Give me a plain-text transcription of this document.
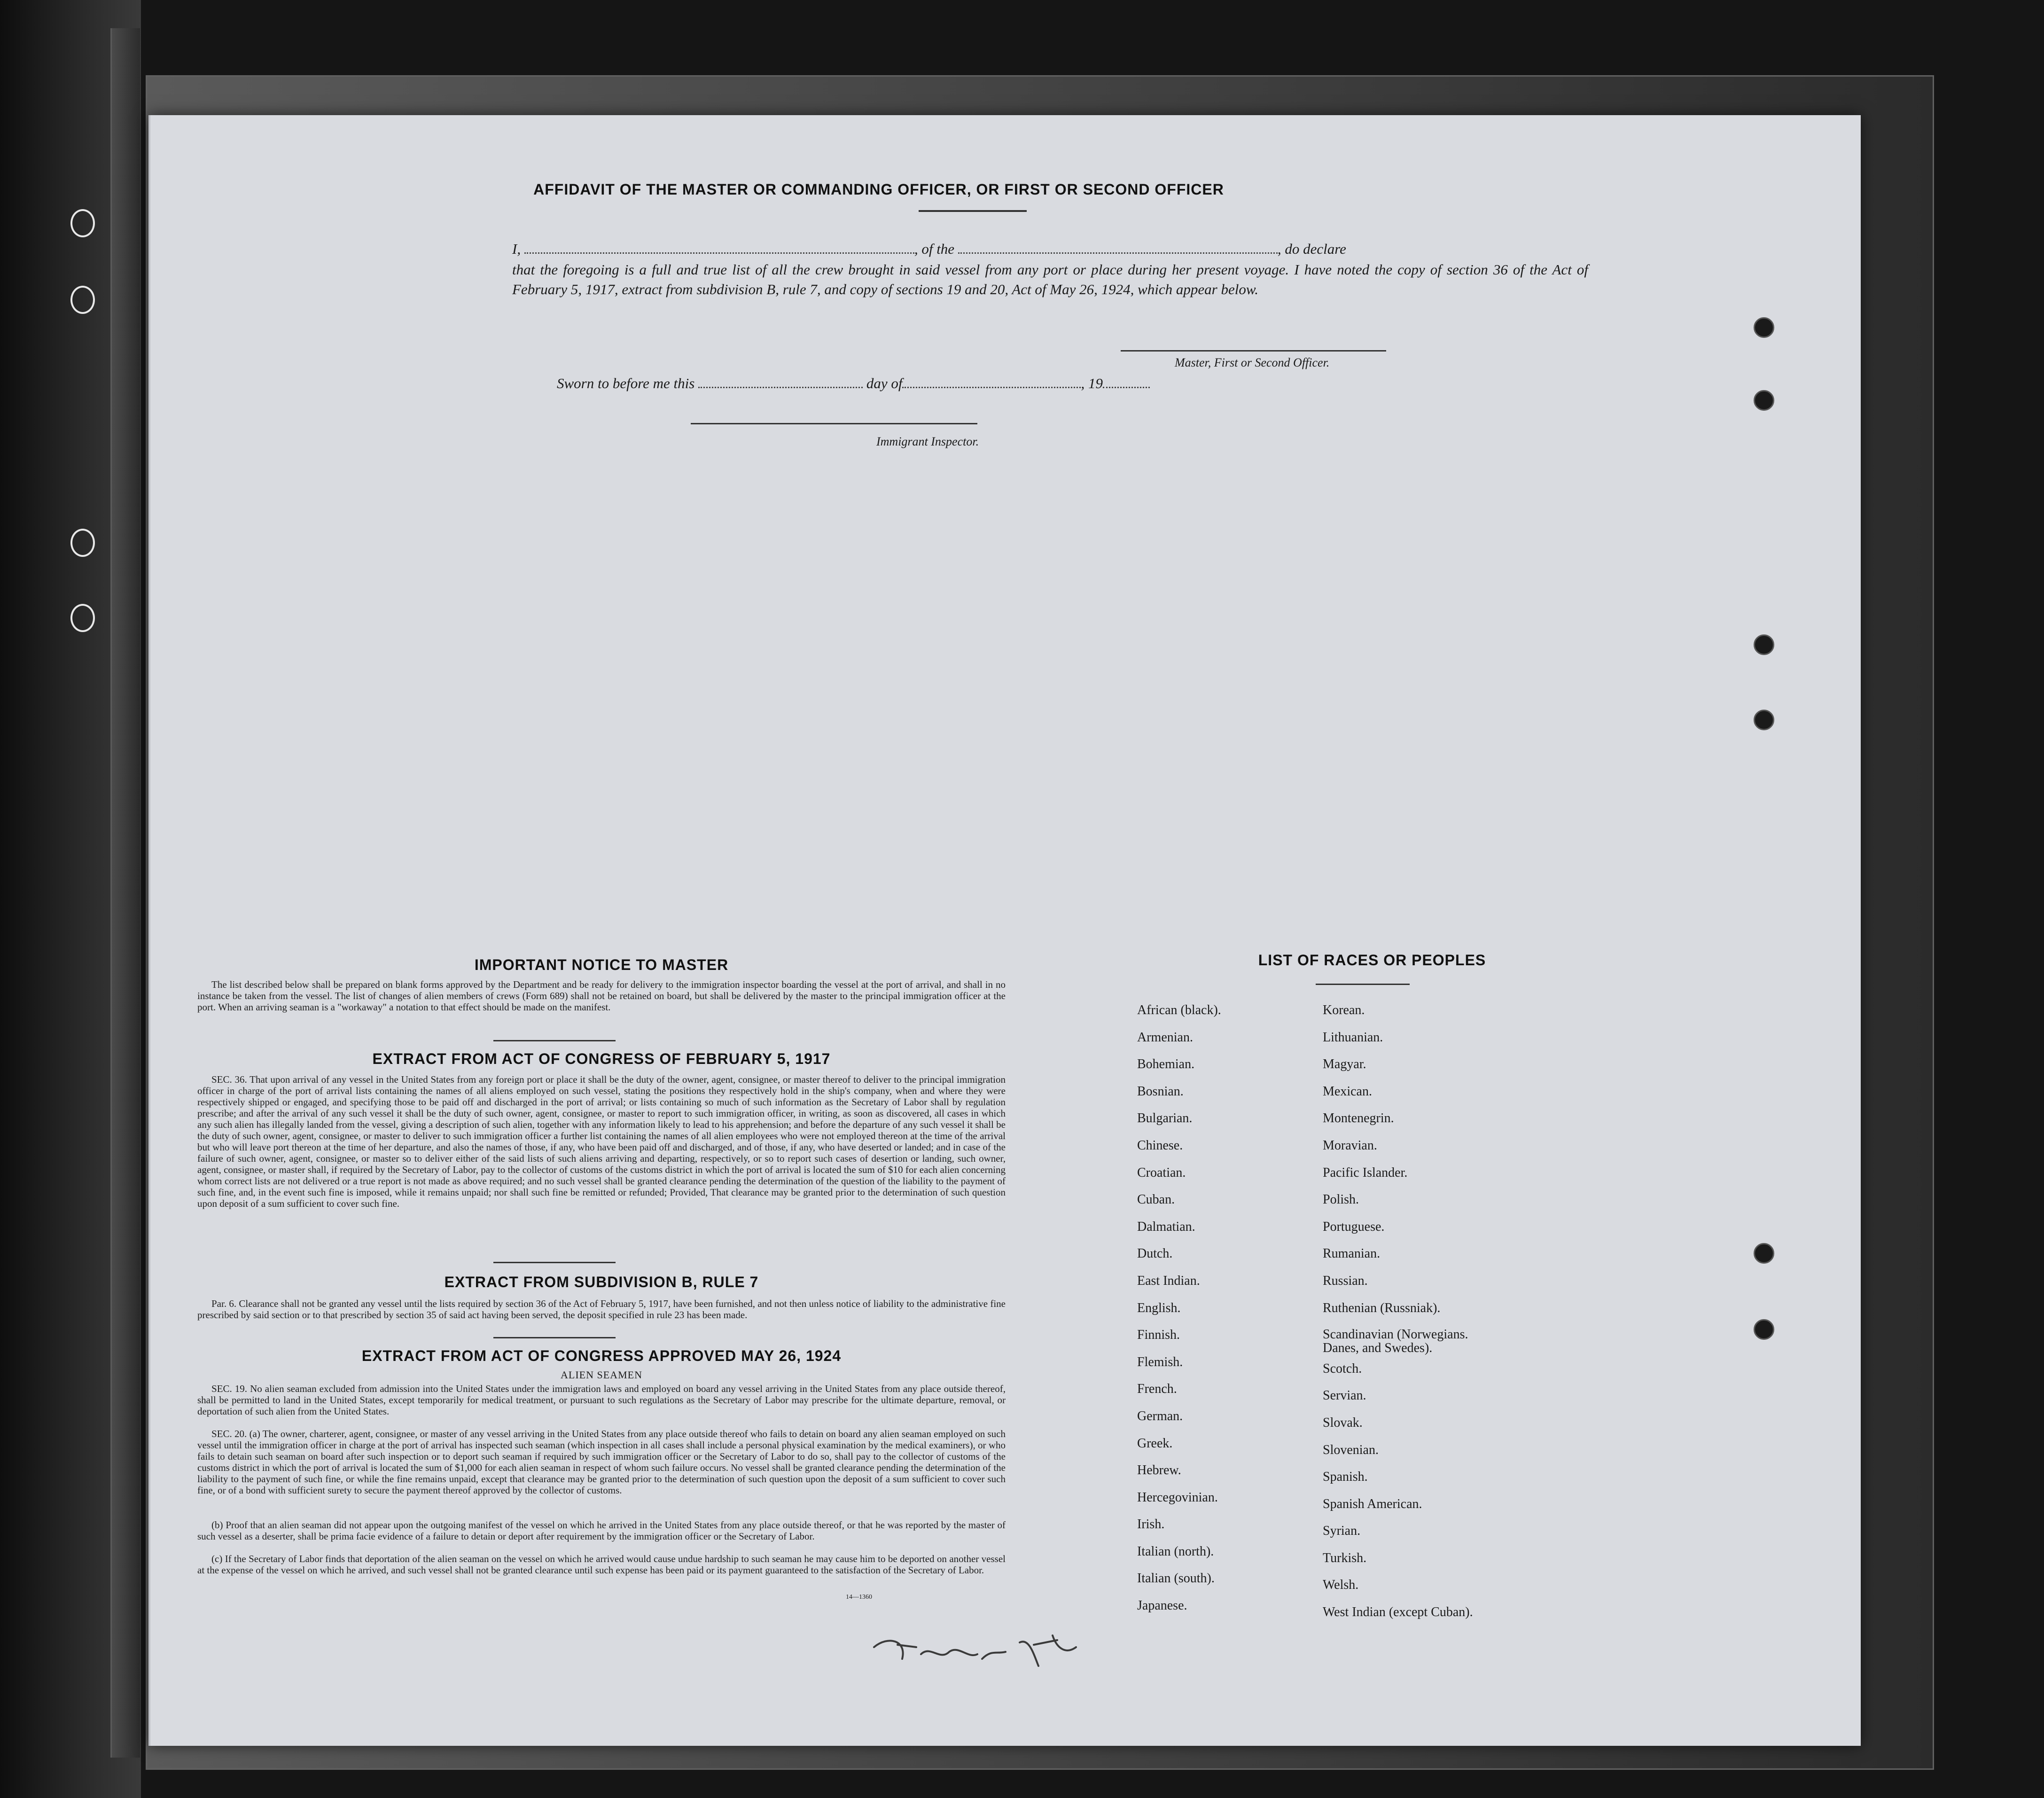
AFFIDAVIT OF THE MASTER OR COMMANDING OFFICER, OR FIRST OR SECOND OFFICER
I,	, of the	, do declare
that the foregoing is a full and true list of all the crew brought in said vessel from any port or place during her present voyage. I have noted the copy of section 36 of the Act of February 5, 1917, extract from subdivision B, rule 7, and copy of sections 19 and 20, Act of May 26, 1924, which appear below.
Master, First or Second Officer.
Sworn to before me this	day of	, 19
Immigrant Inspector.
IMPORTANT NOTICE TO MASTER
The list described below shall be prepared on blank forms approved by the Department and be ready for delivery to the immigration inspector boarding the vessel at the port of arrival, and shall in no instance be taken from the vessel. The list of changes of alien members of crews (Form 689) shall not be retained on board, but shall be delivered by the master to the principal immigration officer at the port. When an arriving seaman is a "workaway" a notation to that effect should be made on the manifest.
EXTRACT FROM ACT OF CONGRESS OF FEBRUARY 5, 1917
SEC. 36. That upon arrival of any vessel in the United States from any foreign port or place it shall be the duty of the owner, agent, consignee, or master thereof to deliver to the principal immigration officer in charge of the port of arrival lists containing the names of all aliens employed on such vessel, stating the positions they respectively hold in the ship's company, when and where they were respectively shipped or engaged, and specifying those to be paid off and discharged in the port of arrival; or lists containing so much of such information as the Secretary of Labor shall by regulation prescribe; and after the arrival of any such vessel it shall be the duty of such owner, agent, consignee, or master to report to such immigration officer, in writing, as soon as discovered, all cases in which any such alien has illegally landed from the vessel, giving a description of such alien, together with any information likely to lead to his apprehension; and before the departure of any such vessel it shall be the duty of such owner, agent, consignee, or master to deliver to such immigration officer a further list containing the names of all alien employees who were not employed thereon at the time of the arrival but who will leave port thereon at the time of her departure, and also the names of those, if any, who have been paid off and discharged, and of those, if any, who have deserted or landed; and in case of the failure of such owner, agent, consignee, or master so to deliver either of the said lists of such aliens arriving and departing, respectively, or so to report such cases of desertion or landing, such owner, agent, consignee, or master shall, if required by the Secretary of Labor, pay to the collector of customs of the customs district in which the port of arrival is located the sum of $10 for each alien concerning whom correct lists are not delivered or a true report is not made as above required; and no such vessel shall be granted clearance pending the determination of the question of the liability to the payment of such fine, and, in the event such fine is imposed, while it remains unpaid; nor shall such fine be remitted or refunded; Provided, That clearance may be granted prior to the determination of such question upon deposit of a sum sufficient to cover such fine.
EXTRACT FROM SUBDIVISION B, RULE 7
Par. 6. Clearance shall not be granted any vessel until the lists required by section 36 of the Act of February 5, 1917, have been furnished, and not then unless notice of liability to the administrative fine prescribed by said section or to that prescribed by section 35 of said act having been served, the deposit specified in rule 23 has been made.
EXTRACT FROM ACT OF CONGRESS APPROVED MAY 26, 1924
ALIEN SEAMEN
SEC. 19. No alien seaman excluded from admission into the United States under the immigration laws and employed on board any vessel arriving in the United States from any place outside thereof, shall be permitted to land in the United States, except temporarily for medical treatment, or pursuant to such regulations as the Secretary of Labor may prescribe for the ultimate departure, removal, or deportation of such alien from the United States.
SEC. 20. (a) The owner, charterer, agent, consignee, or master of any vessel arriving in the United States from any place outside thereof who fails to detain on board any alien seaman employed on such vessel until the immigration officer in charge at the port of arrival has inspected such seaman (which inspection in all cases shall include a personal physical examination by the medical examiners), or who fails to detain such seaman on board after such inspection or to deport such seaman if required by such immigration officer or the Secretary of Labor to do so, shall pay to the collector of customs of the customs district in which the port of arrival is located the sum of $1,000 for each alien seaman in respect of whom such failure occurs. No vessel shall be granted clearance pending the determination of the liability to the payment of such fine, or while the fine remains unpaid, except that clearance may be granted prior to the determination of such question upon the deposit of a sum sufficient to cover such fine, or of a bond with sufficient surety to secure the payment thereof approved by the collector of customs.
(b) Proof that an alien seaman did not appear upon the outgoing manifest of the vessel on which he arrived in the United States from any place outside thereof, or that he was reported by the master of such vessel as a deserter, shall be prima facie evidence of a failure to detain or deport after requirement by the immigration officer or the Secretary of Labor.
(c) If the Secretary of Labor finds that deportation of the alien seaman on the vessel on which he arrived would cause undue hardship to such seaman he may cause him to be deported on another vessel at the expense of the vessel on which he arrived, and such vessel shall not be granted clearance until such expense has been paid or its payment guaranteed to the satisfaction of the Secretary of Labor.
14—1360
LIST OF RACES OR PEOPLES
African (black).
Armenian.
Bohemian.
Bosnian.
Bulgarian.
Chinese.
Croatian.
Cuban.
Dalmatian.
Dutch.
East Indian.
English.
Finnish.
Flemish.
French.
German.
Greek.
Hebrew.
Hercegovinian.
Irish.
Italian (north).
Italian (south).
Japanese.
Korean.
Lithuanian.
Magyar.
Mexican.
Montenegrin.
Moravian.
Pacific Islander.
Polish.
Portuguese.
Rumanian.
Russian.
Ruthenian (Russniak).
Scandinavian (Norwegians.
Danes, and Swedes).
Scotch.
Servian.
Slovak.
Slovenian.
Spanish.
Spanish American.
Syrian.
Turkish.
Welsh.
West Indian (except Cuban).
